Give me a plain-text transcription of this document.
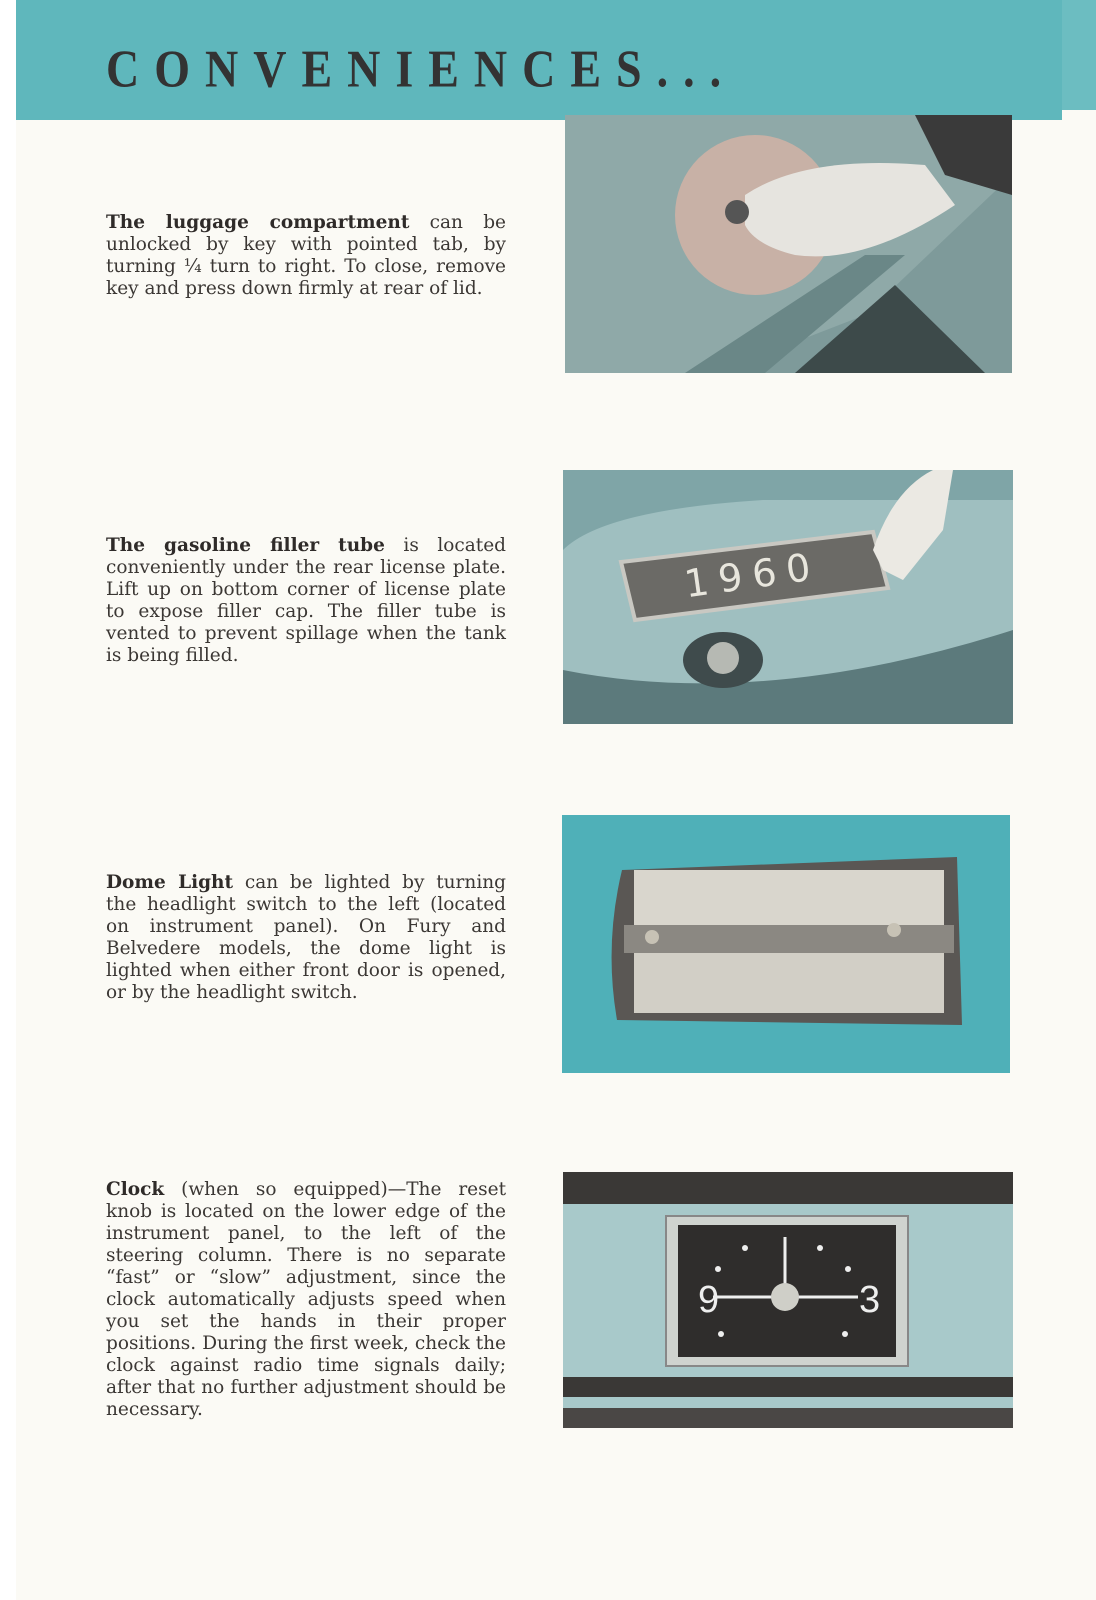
CONVENIENCES...
The luggage compartment can be unlocked by key with pointed tab, by turning ¼ turn to right. To close, remove key and press down firmly at rear of lid.
The gasoline filler tube is located conveniently under the rear license plate. Lift up on bottom corner of license plate to expose filler cap. The filler tube is vented to prevent spillage when the tank is being filled.
1960
Dome Light can be lighted by turning the headlight switch to the left (located on instrument panel). On Fury and Belvedere models, the dome light is lighted when either front door is opened, or by the headlight switch.
Clock (when so equipped)—The reset knob is located on the lower edge of the instrument panel, to the left of the steering column. There is no separate “fast” or “slow” adjustment, since the clock automatically adjusts speed when you set the hands in their proper positions. During the first week, check the clock against radio time signals daily; after that no further adjustment should be necessary.
9	3
